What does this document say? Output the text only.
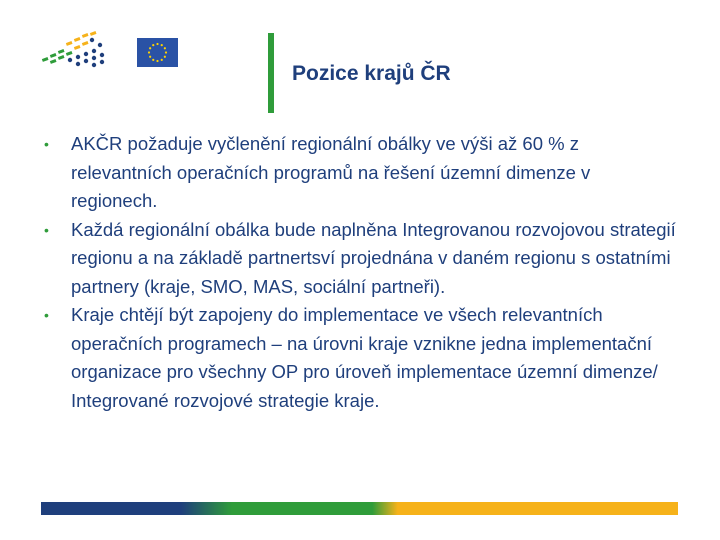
Pozice krajů ČR
• AKČR požaduje vyčlenění regionální obálky ve výši až 60 % z relevantních operačních programů na řešení územní dimenze v regionech.
• Každá regionální obálka bude naplněna Integrovanou rozvojovou strategií regionu a na základě partnertsví projednána v daném regionu s ostatními partnery (kraje, SMO, MAS, sociální partneři).
• Kraje chtějí být zapojeny do implementace ve všech relevantních operačních programech – na úrovni kraje vznikne jedna implementační organizace pro všechny OP pro úroveň implementace územní dimenze/ Integrované rozvojové strategie kraje.
